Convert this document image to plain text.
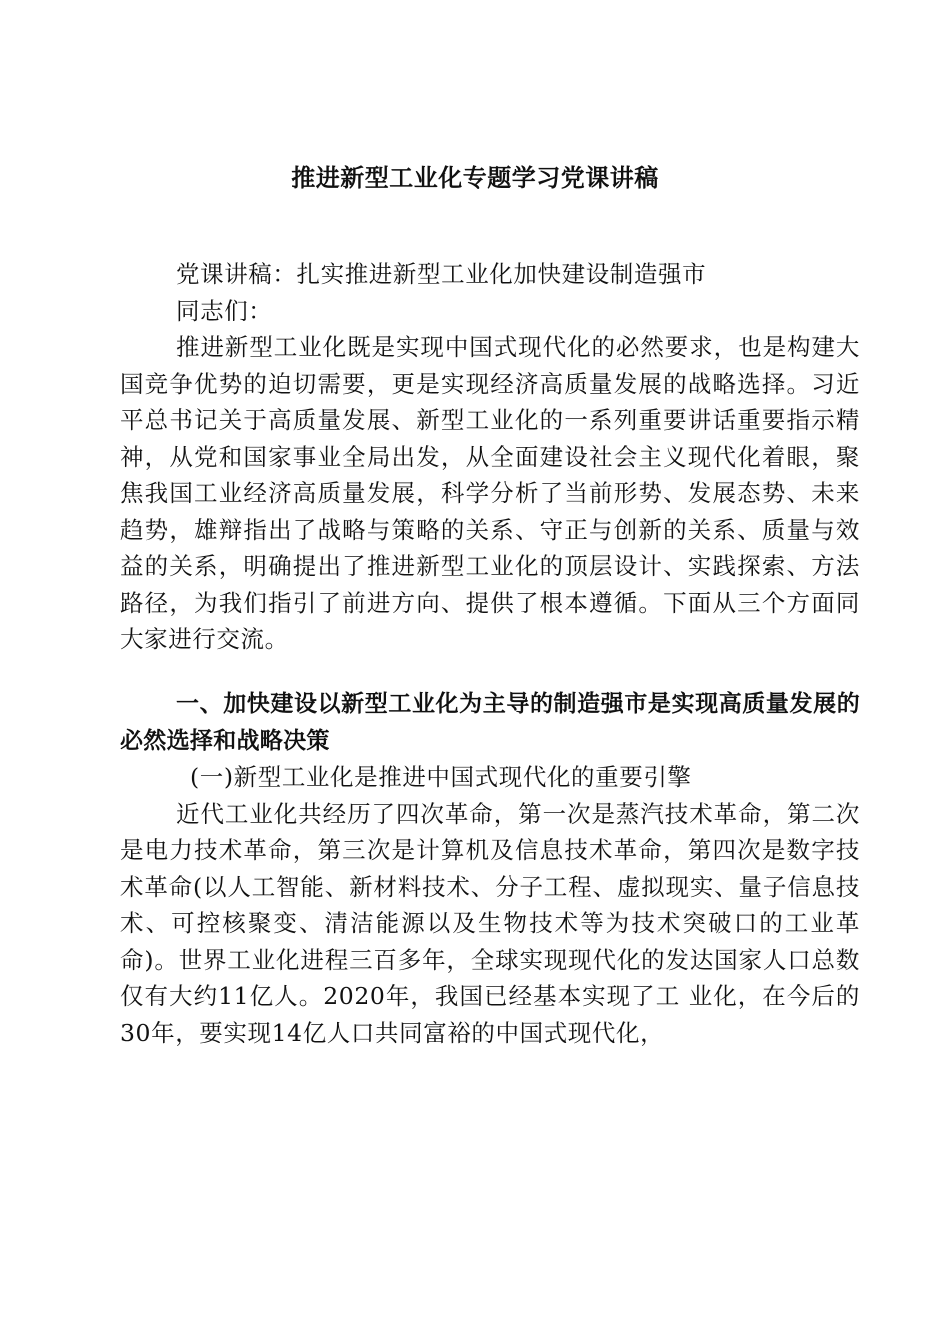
推进新型工业化专题学习党课讲稿

党课讲稿：扎实推进新型工业化加快建设制造强市

同志们：

推进新型工业化既是实现中国式现代化的必然要求，也是构建大国竞争优势的迫切需要，更是实现经济高质量发展的战略选择。习近平总书记关于高质量发展、新型工业化的一系列重要讲话重要指示精神，从党和国家事业全局出发，从全面建设社会主义现代化着眼，聚焦我国工业经济高质量发展，科学分析了当前形势、发展态势、未来趋势，雄辩指出了战略与策略的关系、守正与创新的关系、质量与效益的关系，明确提出了推进新型工业化的顶层设计、实践探索、方法路径，为我们指引了前进方向、提供了根本遵循。下面从三个方面同大家进行交流。

一、加快建设以新型工业化为主导的制造强市是实现高质量发展的必然选择和战略决策

(一)新型工业化是推进中国式现代化的重要引擎

近代工业化共经历了四次革命，第一次是蒸汽技术革命，第二次是电力技术革命，第三次是计算机及信息技术革命，第四次是数字技术革命(以人工智能、新材料技术、分子工程、虚拟现实、量子信息技术、可控核聚变、清洁能源以及生物技术等为技术突破口的工业革命)。世界工业化进程三百多年，全球实现现代化的发达国家人口总数仅有大约11亿人。2020年，我国已经基本实现了工 业化，在今后的30年，要实现14亿人口共同富裕的中国式现代化，
